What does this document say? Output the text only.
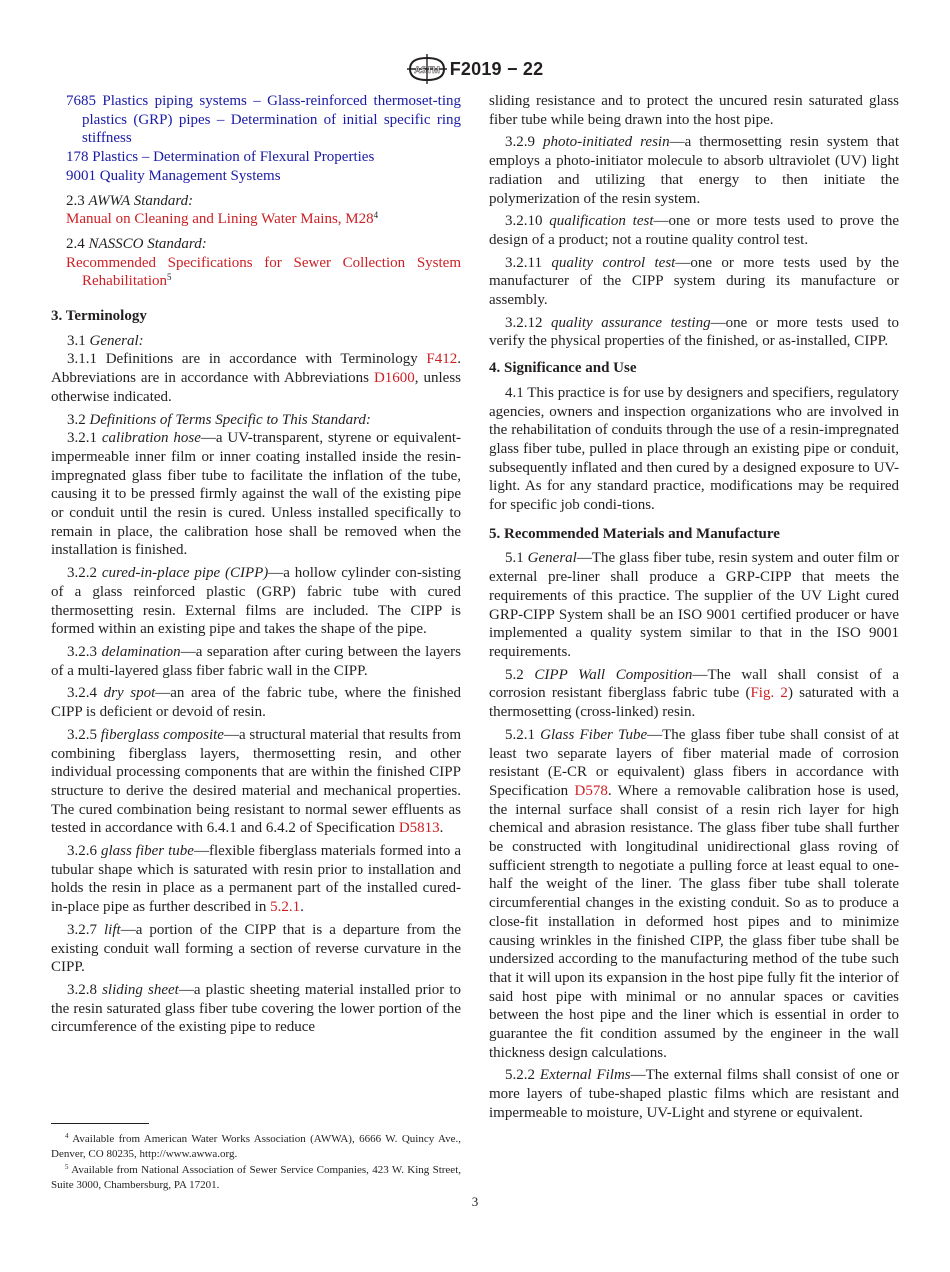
ASTM F2019 − 22

7685 Plastics piping systems – Glass-reinforced thermoset-ting plastics (GRP) pipes – Determination of initial specific ring stiffness

178 Plastics – Determination of Flexural Properties

9001 Quality Management Systems

2.3 AWWA Standard:

Manual on Cleaning and Lining Water Mains, $M28^4$

2.4 NASSCO Standard:

Recommended Specifications for Sewer Collection System Rehabilitation$^5$

3. Terminology

3.1 General:

3.1.1 Definitions are in accordance with Terminology F412. Abbreviations are in accordance with Abbreviations D1600, unless otherwise indicated.

3.2 Definitions of Terms Specific to This Standard:

3.2.1 calibration hose—a UV-transparent, styrene or equivalent-impermeable inner film or inner coating installed inside the resin-impregnated glass fiber tube to facilitate the inflation of the tube, causing it to be pressed firmly against the wall of the existing pipe or conduit until the resin is cured. Unless installed specifically to remain in place, the calibration hose shall be removed when the installation is finished.

3.2.2 cured-in-place pipe (CIPP)—a hollow cylinder con-sisting of a glass reinforced plastic (GRP) fabric tube with cured thermosetting resin. External films are included. The CIPP is formed within an existing pipe and takes the shape of the pipe.

3.2.3 delamination—a separation after curing between the layers of a multi-layered glass fiber fabric wall in the CIPP.

3.2.4 dry spot—an area of the fabric tube, where the finished CIPP is deficient or devoid of resin.

3.2.5 fiberglass composite—a structural material that results from combining fiberglass layers, thermosetting resin, and other individual processing components that are within the finished CIPP structure to derive the desired material and mechanical properties. The cured combination being resistant to normal sewer effluents as tested in accordance with 6.4.1 and 6.4.2 of Specification D5813.

3.2.6 glass fiber tube—flexible fiberglass materials formed into a tubular shape which is saturated with resin prior to installation and holds the resin in place as a permanent part of the installed cured-in-place pipe as further described in 5.2.1.

3.2.7 lift—a portion of the CIPP that is a departure from the existing conduit wall forming a section of reverse curvature in the CIPP.

3.2.8 sliding sheet—a plastic sheeting material installed prior to the resin saturated glass fiber tube covering the lower portion of the circumference of the existing pipe to reduce

sliding resistance and to protect the uncured resin saturated glass fiber tube while being drawn into the host pipe.

3.2.9 photo-initiated resin—a thermosetting resin system that employs a photo-initiator molecule to absorb ultraviolet (UV) light radiation and utilizing that energy to then initiate the polymerization of the resin system.

3.2.10 qualification test—one or more tests used to prove the design of a product; not a routine quality control test.

3.2.11 quality control test—one or more tests used by the manufacturer of the CIPP system during its manufacture or assembly.

3.2.12 quality assurance testing—one or more tests used to verify the physical properties of the finished, or as-installed, CIPP.

4. Significance and Use

4.1 This practice is for use by designers and specifiers, regulatory agencies, owners and inspection organizations who are involved in the rehabilitation of conduits through the use of a resin-impregnated glass fiber tube, pulled in place through an existing pipe or conduit, subsequently inflated and then cured by a designed exposure to UV-light. As for any standard practice, modifications may be required for specific job condi-tions.

5. Recommended Materials and Manufacture

5.1 General—The glass fiber tube, resin system and outer film or external pre-liner shall produce a GRP-CIPP that meets the requirements of this practice. The supplier of the UV Light cured GRP-CIPP System shall be an ISO 9001 certified producer or have implemented a quality system similar to that in the ISO 9001 requirements.

5.2 CIPP Wall Composition—The wall shall consist of a corrosion resistant fiberglass fabric tube (Fig. 2) saturated with a thermosetting (cross-linked) resin.

5.2.1 Glass Fiber Tube—The glass fiber tube shall consist of at least two separate layers of fiber material made of corrosion resistant (E-CR or equivalent) glass fibers in accordance with Specification D578. Where a removable calibration hose is used, the internal surface shall consist of a resin rich layer for high chemical and abrasion resistance. The glass fiber tube shall further be constructed with longitudinal unidirectional glass roving of sufficient strength to negotiate a pulling force at least equal to one-half the weight of the liner. The glass fiber tube shall tolerate circumferential changes in the existing conduit. So as to produce a close-fit installation in deformed host pipes and to minimize causing wrinkles in the finished CIPP, the glass fiber tube shall be undersized according to the manufacturing method of the tube such that it will upon its expansion in the host pipe fully fit the interior of said host pipe with minimal or no annular spaces or cavities between the host pipe and the liner which is essential in order to guarantee the fit condition assumed by the engineer in the wall thickness design calculations.

5.2.2 External Films—The external films shall consist of one or more layers of tube-shaped plastic films which are resistant and impermeable to moisture, UV-Light and styrene or equivalent.

$^4$ Available from American Water Works Association (AWWA), 6666 W. Quincy Ave., Denver, CO 80235, http://www.awwa.org.

$^5$ Available from National Association of Sewer Service Companies, 423 W. King Street, Suite 3000, Chambersburg, PA 17201.

3
